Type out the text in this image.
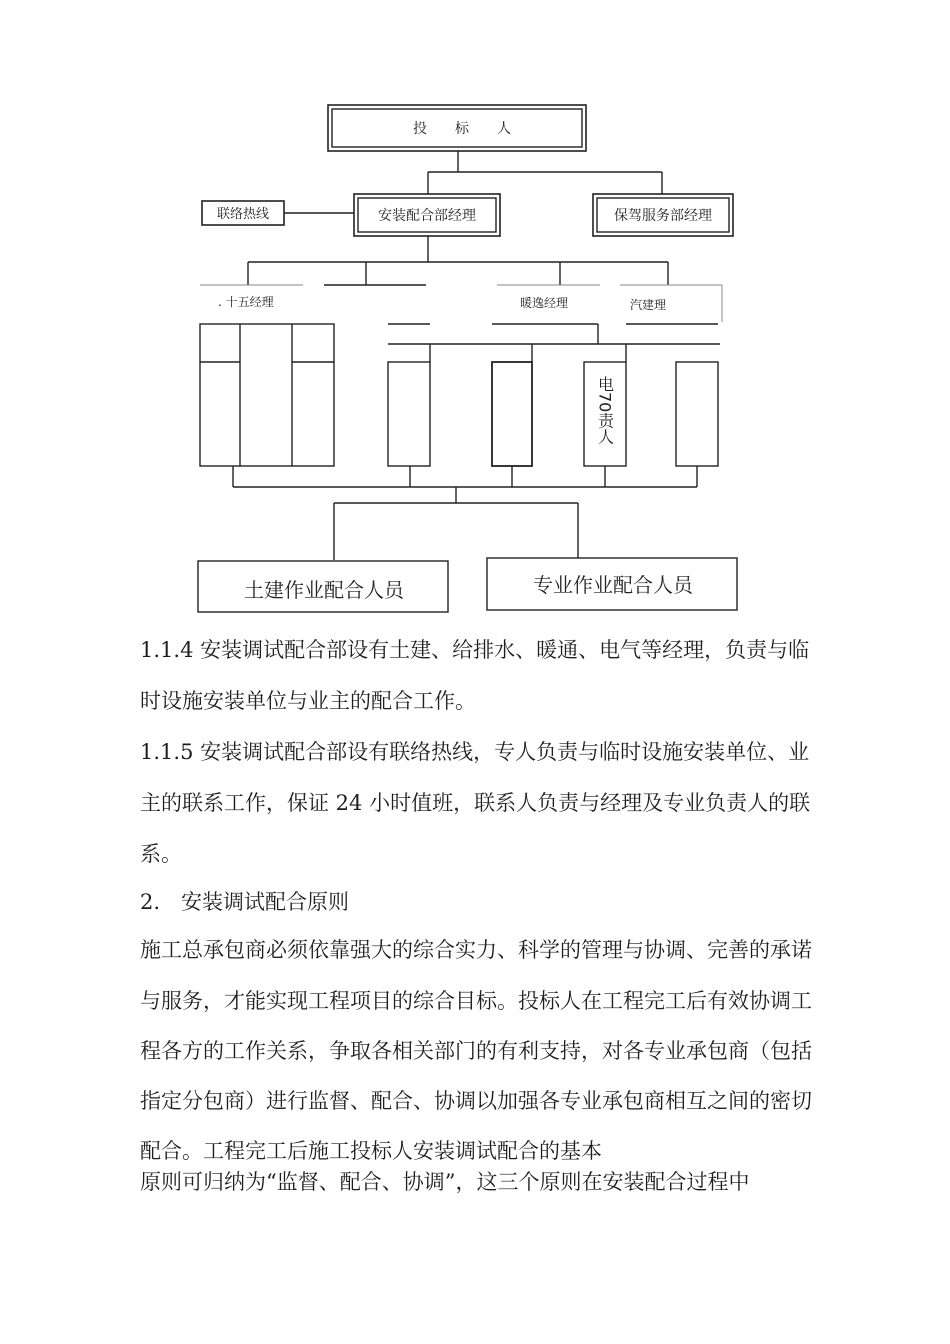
投　　标　　人
联络热线	安装配合部经理	保驾服务部经理
. 十五经理	暖逸经理	汽建理
电70责人
土建作业配合人员	专业作业配合人员

1.1.4 安装调试配合部设有土建、给排水、暖通、电气等经理，负责与临

时设施安装单位与业主的配合工作。

1.1.5 安装调试配合部设有联络热线，专人负责与临时设施安装单位、业

主的联系工作，保证 24 小时值班，联系人负责与经理及专业负责人的联

系。

2.　安装调试配合原则

施工总承包商必须依靠强大的综合实力、科学的管理与协调、完善的承诺

与服务，才能实现工程项目的综合目标。投标人在工程完工后有效协调工

程各方的工作关系，争取各相关部门的有利支持，对各专业承包商（包括

指定分包商）进行监督、配合、协调以加强各专业承包商相互之间的密切

配合。工程完工后施工投标人安装调试配合的基本

原则可归纳为“监督、配合、协调”，这三个原则在安装配合过程中
